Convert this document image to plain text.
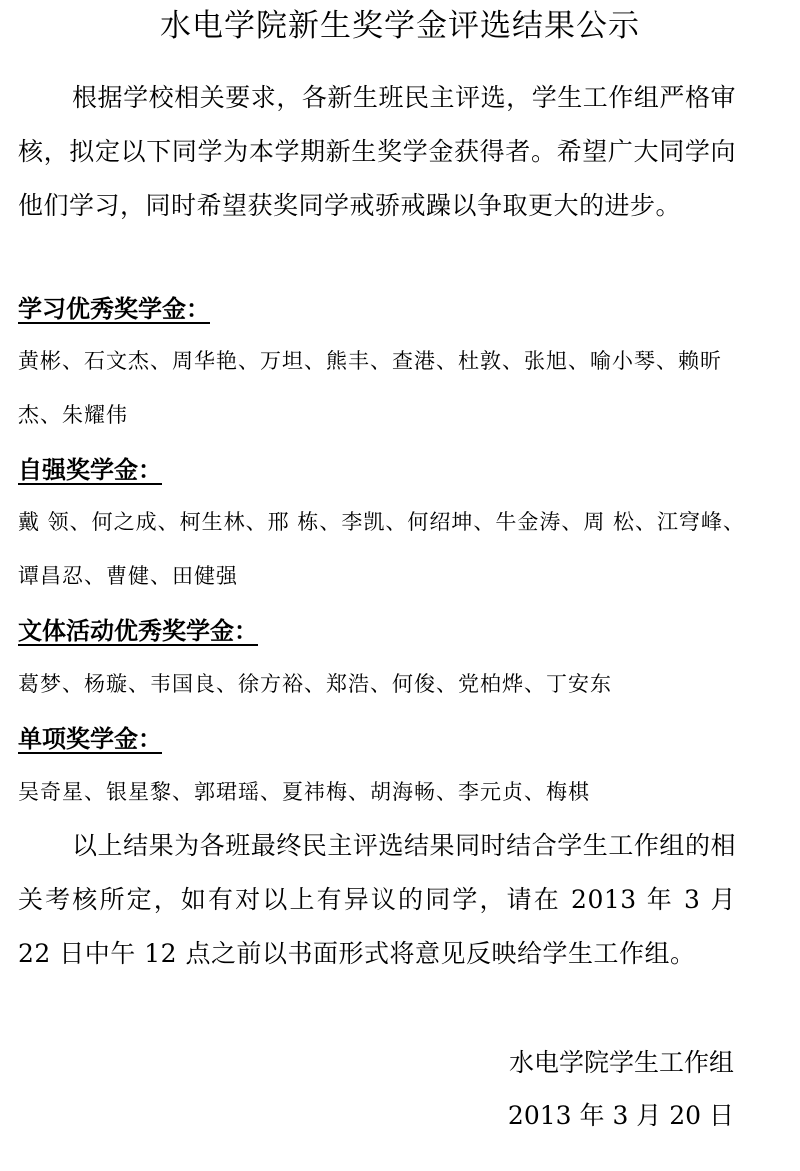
水电学院新生奖学金评选结果公示

根据学校相关要求，各新生班民主评选，学生工作组严格审核，拟定以下同学为本学期新生奖学金获得者。希望广大同学向他们学习，同时希望获奖同学戒骄戒躁以争取更大的进步。

学习优秀奖学金：

黄彬、石文杰、周华艳、万坦、熊丰、查港、杜敦、张旭、喻小琴、赖昕杰、朱耀伟

自强奖学金：

戴 领、何之成、柯生林、邢 栋、李凯、何绍坤、牛金涛、周 松、江穹峰、谭昌忍、曹健、田健强

文体活动优秀奖学金：

葛梦、杨璇、韦国良、徐方裕、郑浩、何俊、党柏烨、丁安东

单项奖学金：

吴奇星、银星黎、郭珺瑶、夏祎梅、胡海畅、李元贞、梅棋

以上结果为各班最终民主评选结果同时结合学生工作组的相关考核所定，如有对以上有异议的同学，请在 2013 年 3 月 22 日中午 12 点之前以书面形式将意见反映给学生工作组。

水电学院学生工作组
2013 年 3 月 20 日
